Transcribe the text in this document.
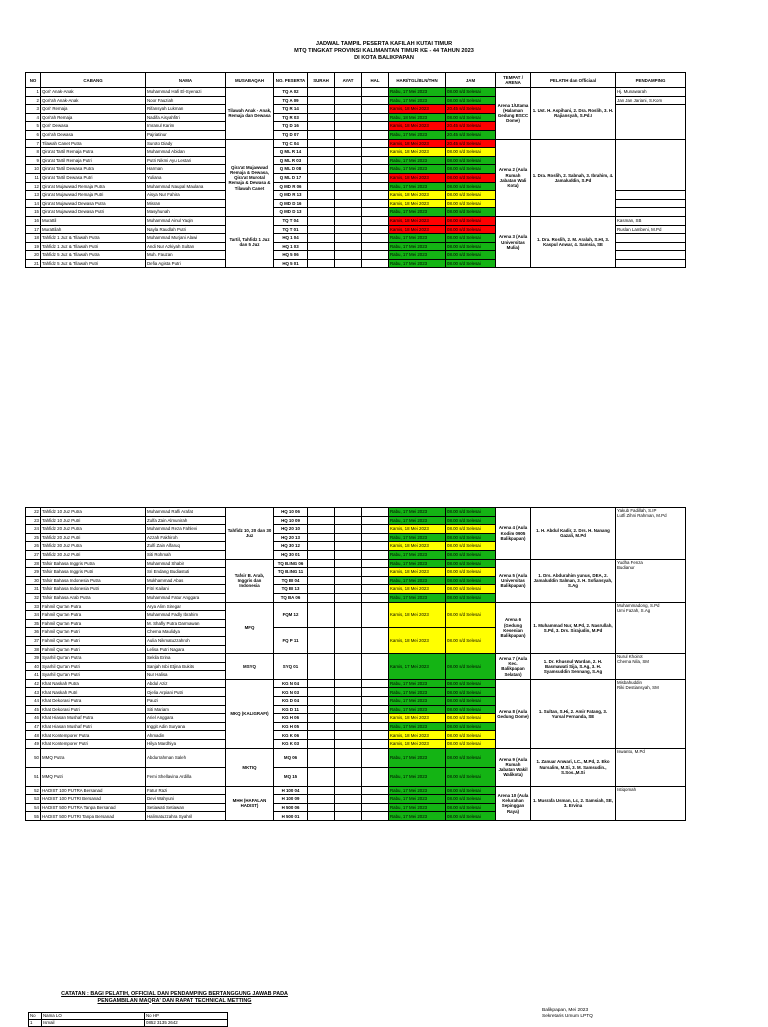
JADWAL TAMPIL PESERTA KAFILAH KUTAI TIMUR
MTQ TINGKAT PROVINSI KALIMANTAN TIMUR KE - 44 TAHUN 2023
DI KOTA BALIKPAPAN
NO	CABANG	NAMA	MUSABAQAH	NO. PESERTA	SURAH	AYAT	HAL	HARI/TGL/BLN/THN	JAM	TEMPAT / ARENA	PELATIH dan Officiaal	PENDAMPING	
1	Qori' Anak-Anak	Muhammad Hafi El-Syenazi	Tilawah Anak - Anak, Remaja dan Dewasa	TQ A 02				Rabu, 17 Mei 2023	08.00 s/d Selesai	Arena 1/Utama (Halaman Gedung BSCC Dome)	1. Ust. H. Aspihani, 2. Dra. Roslih, 3. H. Rajiansyah, S.Pd.I	Hj. Munawarah	
2	Qori'ah Anak-Anak	Noor Fauziah		TQ A 09				Rabu, 17 Mei 2023	08.00 s/d Selesai			Jan Jan Jariani, S.Kom	
3	Qori' Remaja	Rifansyah Lukman		TQ R 14				Kamis, 18 Mei 2023	20.45 s/d Selesai				
4	Qori'ah Remaja	Nadifa Aisyahfitri		TQ R 03				Rabu, 18 Mei 2023	08.00 s/d Selesai				
5	Qori' Dewasa	Imranul Karim		TQ D 16				Kamis, 18 Mei 2023	20.45 s/d Selesai				
6	Qori'ah Dewasa	Pajriatinur		TQ D 07				Rabu, 17 Mei 2023	20.45 s/d Selesai				
7	Tilawah Canet Putra	Suroto Diady	Qira'at Mujawwad Remaja & Dewasa, Qira'at Murotal Remaja & Dewasa & Tilawah Canet	TQ C 04				Kamis, 18 Mei 2023	20.45 s/d Selesai	Arena 2 (Aula Rumah Jabatan Wali Kota)	1. Dra. Roslih, 2. Sabnah, 3. Ibrahim, 4. Jamaluddin, S.Pd		
8	Qira'at Tartil Remaja Putra	Muhammad Abidan		Q ML R 14				Kamis, 18 Mei 2023	08.00 s/d Selesai	
9	Qira'at Tartil Remaja Putri	Putri Nikmi Ayu Lestari		Q ML R 03				Rabu, 17 Mei 2023	08.00 s/d Selesai	
10	Qira'at Tartil Dewasa Putra	Harman		Q ML D 08				Rabu, 17 Mei 2023	08.00 s/d Selesai	
11	Qira'at Tartil Dewasa Putri	Yuliana		Q ML D 17				Kamis, 18 Mei 2023	08.00 s/d Selesai	
12	Qira'at Mujawwad Remaja Putra	Muhammad Naupal Maulana		Q MD R 06				Rabu, 17 Mei 2023	08.00 s/d Selesai				
13	Qira'at Mujawwad Remaja Putri	Aisya Nur Fahira		Q MD R 13				Kamis, 18 Mei 2023	08.00 s/d Selesai				
14	Qira'at Mujawwad Dewasa Putra	Misran		Q MD D 16				Kamis, 18 Mei 2023	08.00 s/d Selesai				
15	Qira'at Mujawwad Dewasa Putri	Masyhunah		Q MD D 13				Rabu, 17 Mei 2023	08.00 s/d Selesai				
16	Murattil	Muhammad Ainul Yaqin	Tartil, Tahfidz 1 Juz dan 5 Juz	TQ T 04				Kamis, 18 Mei 2023	08.00 s/d Selesai	Arena 3 (Aula Universitas Mulia)	1. Dra. Roslih, 2. M. Aralah, S.HI, 3. Kaspul Anwar, 4. Samsia, SE	Kasman, SB	
17	Murattilah	Nayla Raudlah Putri		TQ T 01				Kamis, 18 Mei 2023	08.00 s/d Selesai			Ruslan Lambeni, M.Pd	
18	Tahfidz 1 Juz & Tilawah Putra	Muhammad Murjani Alawi		HQ 1 04				Rabu, 17 Mei 2023	08.00 s/d Selesai				
19	Tahfidz 1 Juz & Tilawah Putri	Andi Nur Azkiyah Sultan		HQ 1 03				Rabu, 17 Mei 2023	08.00 s/d Selesai				
20	Tahfidz 5 Juz & Tilawah Putra	Muh. Fauzan		HQ 5 06				Rabu, 17 Mei 2023	08.00 s/d Selesai				
21	Tahfidz 5 Juz & Tilawah Putri	Defia Agista Putri		HQ 5 01				Rabu, 17 Mei 2023	08.00 s/d Selesai				
22	Tahfidz 10 Juz Putra	Muhammad Rafli Arafat	Tahfidz 10, 20 dan 30 Juz	HQ 10 06				Rabu, 17 Mei 2023	08.00 s/d Selesai	Arena 4 (Aula Kodim 0905 Balikpapan)	1. H. Abdul Kadir, 2. Drs. H. Nanang Gazali, M.Pd	Yakub Fadillah, S.IP
Lutfi Zihni Rahman, M.Pd

23	Tahfidz 10 Juz Putri	Zulfa Zain Almunirah		HQ 10 09				Rabu, 17 Mei 2023	08.00 s/d Selesai			
24	Tahfidz 20 Juz Putra	Muhammad Reza Fahlevi		HQ 20 10				Kamis, 18 Mei 2023	08.00 s/d Selesai			
25	Tahfidz 20 Juz Putri	Azzah Fakhiroh		HQ 20 13				Rabu, 17 Mei 2023	08.00 s/d Selesai			
26	Tahfidz 30 Juz Putra	Zulfi Zain Alfaruq		HQ 30 12				Kamis, 18 Mei 2023	08.00 s/d Selesai			
27	Tahfidz 30 Juz Putri	Siti Rohmah		HQ 30 01				Rabu, 17 Mei 2023	08.00 s/d Selesai			
28	Tafsir Bahasa Inggris Putra	Muhammad Shabir	Tafsir B. Arab, Inggris dan Indonesia	TQ B.ING 06				Rabu, 17 Mei 2023	08.00 s/d Selesai	Arena 5 (Aula Universitas Balikpapan)	1. Drs. Abdurahim yunus, DEA, 2. Jamaluddin Salman, 3. H. Sofiansyah, S.Ag	Yudha Fenza
Budianur

29	Tafsir Bahasa Inggris Putri	Sri Endang Budiastuti		TQ B.ING 11				Kamis, 18 Mei 2023	08.00 s/d Selesai			
30	Tafsir Bahasa Indonesia Putra	Mukhammad Abas		TQ BI 04				Rabu, 17 Mei 2023	08.00 s/d Selesai			
31	Tafsir Bahasa Indonesia Putri	Fitri Kailani		TQ BI 13				Kamis, 18 Mei 2023	08.00 s/d Selesai			
32	Tafsir Bahasa Arab Putra	Muhammad Fatur Anggara		TQ BA 06				Rabu, 17 Mei 2023	08.00 s/d Selesai			
33	Fahmil Qur'an Putra	Arya Alim Siregar	MFQ	FQM 12				Kamis, 18 Mei 2023	08.00 s/d Selesai	Arena 6 (Gedung Kesenian Balikpapan)	1. Muhammad Nur, M.Pd, 2. Nasrullah, S.Pd, 3. Drs. Sirajudin, M.Pd	Muhammadong, S.Pd
Umi Fazah, S.Ag

34	Fahmil Qur'an Putra	Muhammad Fadly Ibrahim										
35	Fahmil Qur'an Putra	M. Shafly Putra Darmawan										
36	Fahmil Qur'an Putri	Chema Maulidya		FQ P 11				Kamis, 18 Mei 2023	08.00 s/d Selesai			
37	Fahmil Qur'an Putri	Aulia Nikmatuzzahroh										
38	Fahmil Qur'an Putri	Lelisa Putri Nagara										
39	Syarhil Qur'an Putra	Sekila Erina	MSYQ	SYQ 01				Kamis, 17 Mei 2023	08.00 s/d Selesai	Arena 7 (Aula Kec. Balikpapan Selatan)	1. Dr. Khusnul Wardan, 2. H. Basmawati Sija, S.Ag, 3. H. Syamsuddin Sennang, S.Ag	Nurul Khoirot
Chema Nila, SM

40	Syarhil Qur'an Putri	Sanjah Isbi Etjina Bukits										
41	Syarhil Qur'an Putri	Nur Halisa										
42	Khat Naskah Putra	Abdul Aziz	MKQ (KALIGRAFI)	KG N 04				Rabu, 17 Mei 2023	08.00 s/d Selesai	Arena 8 (Aula Gedung Dome)	1. Sultan, S.Hi, 2. Amir Fatang, 3. Yursal Fernanda, SE	Misbahuddin
Riki Destiansyah, SM

43	Khat Naskah Putri	Ojelia Arpiani Putri		KG N 03				Rabu, 17 Mei 2023	08.00 s/d Selesai			
44	Khat Dekorasi Putra	Pauzi		KG D 04				Rabu, 17 Mei 2023	08.00 s/d Selesai			
45	Khat Dekorasi Putri	Siti Mariam		KG D 11				Rabu, 17 Mei 2023	08.00 s/d Selesai			
46	Khat Hiasan Mushaf Putra	Ariel Anggara		KG H 06				Kamis, 18 Mei 2023	08.00 s/d Selesai			
47	Khat Hiasan Mushaf Putri	Inggit Adin Suryana		KG H 05				Rabu, 17 Mei 2023	08.00 s/d Selesai			
48	Khat Kontemporer Putra	Ahmadin		KG K 06				Kamis, 18 Mei 2023	08.00 s/d Selesai			
49	Khat Kontemporer Putri	Hilya Mardhiya		KG K 03				Kamis, 18 Mei 2023	08.00 s/d Selesai			
50	MMQ Putra	Abdurrahman Saleh	MKTIQ	MQ 06				Rabu, 17 Mei 2023	08.00 s/d Selesai	Arena 9 (Aula Rumah Jabatan Wakil Walikota)	1. Zanuar Anwari, LC., M.Pd, 2. Eko Nursalim, M.Si, 3. M. Samsudin., S.Sos.,M.Si	Iswanto, M.Pd

51	MMQ Putri	Femi Shellavina Ardilla		MQ 15				Rabu, 17 Mei 2023	08.00 s/d Selesai			
52	HADIST 100 PUTRA Bersanad	Fatur Razi	MHH (HAFALAN HADIST)	H 100 04				Rabu, 17 Mei 2023	08.00 s/d Selesai	Arena 10 (Aula Kelurahan Sepinggan Raya)	1. Musrafa Usman, Lc, 2. Samsiah, SE, 3. Ervina	Istiqomah

53	HADIST 100 PUTRI Bersanad	Devi Wahyuni		H 100 09				Rabu, 17 Mei 2023	08.00 s/d Selesai			
54	HADIST 500 PUTRA Tanpa Bersanad	Setiawati Setiawan		H 500 06				Rabu, 17 Mei 2023	08.00 s/d Selesai			
55	HADIST 500 PUTRI Tanpa Bersanad	Halimatuzzahra Syahril		H 500 01				Rabu, 17 Mei 2023	08.00 s/d Selesai			
CATATAN : BAGI PELATIH, OFFICIAL DAN PENDAMPING BERTANGGUNG JAWAB PADA PENGAMBILAN MAQRA' DAN RAPAT TECHNICAL METTING
No	Nama LO	No HP
1	Ismail	0852 3135 2642
Balikpapan, Mei 2023
Sekretaris Umum LPTQ
